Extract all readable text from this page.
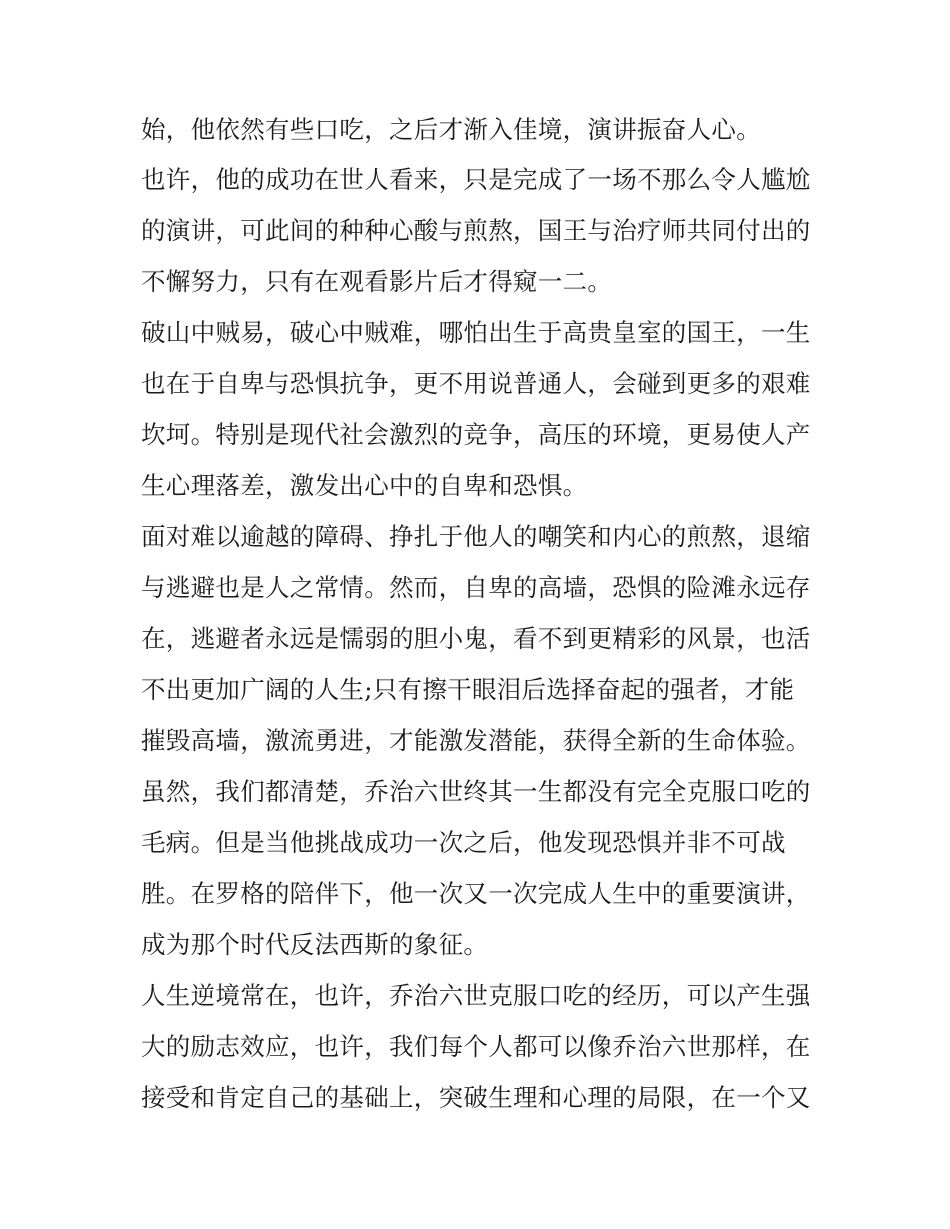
始，他依然有些口吃，之后才渐入佳境，演讲振奋人心。
也许，他的成功在世人看来，只是完成了一场不那么令人尴尬
的演讲，可此间的种种心酸与煎熬，国王与治疗师共同付出的
不懈努力，只有在观看影片后才得窥一二。
破山中贼易，破心中贼难，哪怕出生于高贵皇室的国王，一生
也在于自卑与恐惧抗争，更不用说普通人，会碰到更多的艰难
坎坷。特别是现代社会激烈的竞争，高压的环境，更易使人产
生心理落差，激发出心中的自卑和恐惧。
面对难以逾越的障碍、挣扎于他人的嘲笑和内心的煎熬，退缩
与逃避也是人之常情。然而，自卑的高墙，恐惧的险滩永远存
在，逃避者永远是懦弱的胆小鬼，看不到更精彩的风景，也活
不出更加广阔的人生;只有擦干眼泪后选择奋起的强者，才能
摧毁高墙，激流勇进，才能激发潜能，获得全新的生命体验。
虽然，我们都清楚，乔治六世终其一生都没有完全克服口吃的
毛病。但是当他挑战成功一次之后，他发现恐惧并非不可战
胜。在罗格的陪伴下，他一次又一次完成人生中的重要演讲，
成为那个时代反法西斯的象征。
人生逆境常在，也许，乔治六世克服口吃的经历，可以产生强
大的励志效应，也许，我们每个人都可以像乔治六世那样，在
接受和肯定自己的基础上，突破生理和心理的局限，在一个又
